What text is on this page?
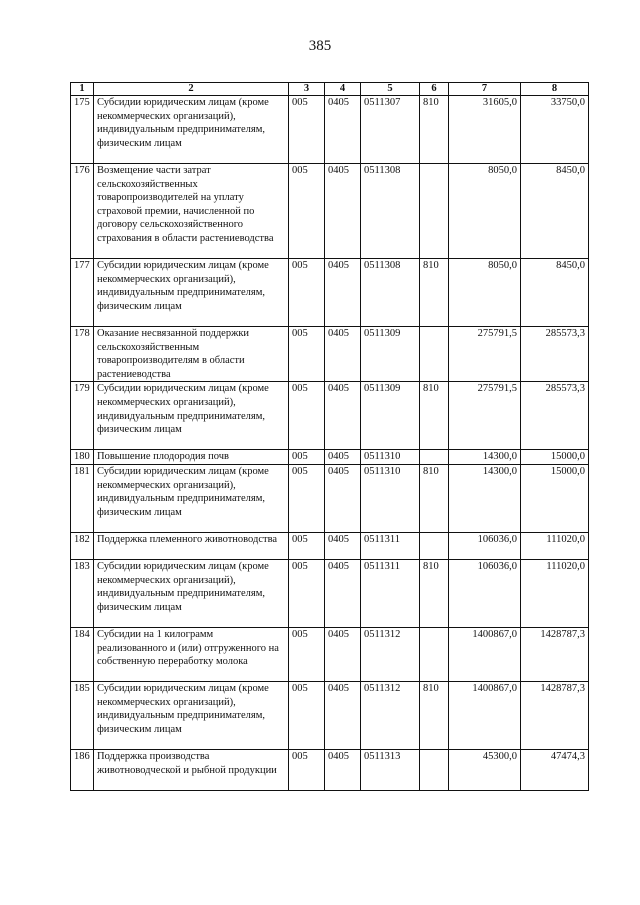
385
1	2	3	4	5	6	7	8
175	Субсидии юридическим лицам (кроме некоммерческих организаций), индивидуальным предпринимателям, физическим лицам	005	0405	0511307	810	31605,0	33750,0
176	Возмещение части затрат сельскохозяйственных товаропроизводителей на уплату страховой премии, начисленной по договору сельскохозяйственного страхования в области растениеводства	005	0405	0511308		8050,0	8450,0
177	Субсидии юридическим лицам (кроме некоммерческих организаций), индивидуальным предпринимателям, физическим лицам	005	0405	0511308	810	8050,0	8450,0
178	Оказание несвязанной поддержки сельскохозяйственным товаропроизводителям в области растениеводства	005	0405	0511309		275791,5	285573,3
179	Субсидии юридическим лицам (кроме некоммерческих организаций), индивидуальным предпринимателям, физическим лицам	005	0405	0511309	810	275791,5	285573,3
180	Повышение плодородия почв	005	0405	0511310		14300,0	15000,0
181	Субсидии юридическим лицам (кроме некоммерческих организаций), индивидуальным предпринимателям, физическим лицам	005	0405	0511310	810	14300,0	15000,0
182	Поддержка племенного животноводства	005	0405	0511311		106036,0	111020,0
183	Субсидии юридическим лицам (кроме некоммерческих организаций), индивидуальным предпринимателям, физическим лицам	005	0405	0511311	810	106036,0	111020,0
184	Субсидии на 1 килограмм реализованного и (или) отгруженного на собственную переработку молока	005	0405	0511312		1400867,0	1428787,3
185	Субсидии юридическим лицам (кроме некоммерческих организаций), индивидуальным предпринимателям, физическим лицам	005	0405	0511312	810	1400867,0	1428787,3
186	Поддержка производства животноводческой и рыбной продукции	005	0405	0511313		45300,0	47474,3
